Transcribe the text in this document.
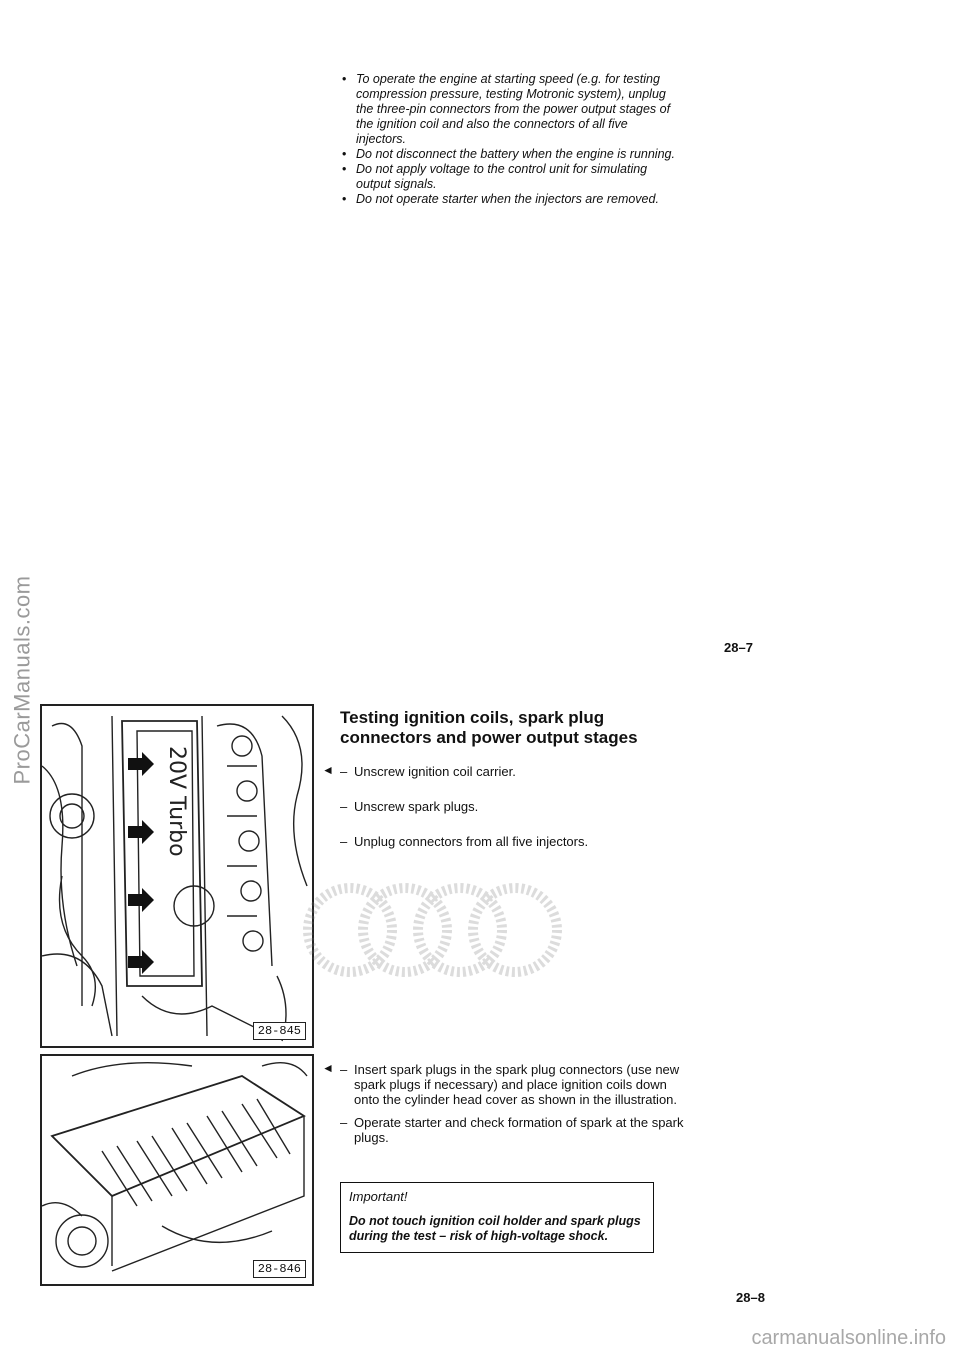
ProCarManuals.com
• To operate the engine at starting speed (e.g. for testing compression pressure, testing Motronic system), unplug the three-pin connectors from the power output stages of the ignition coil and also the connectors of all five injectors.
• Do not disconnect the battery when the engine is running.
• Do not apply voltage to the control unit for simulating output signals.
• Do not operate starter when the injectors are removed.
28–7
20V Turbo
28-845
28-846
Testing ignition coils, spark plug connectors and power output stages
◄ – Unscrew ignition coil carrier.
– Unscrew spark plugs.
– Unplug connectors from all five injectors.
◄ – Insert spark plugs in the spark plug connectors (use new spark plugs if necessary) and place ignition coils down onto the cylinder head cover as shown in the illustration.
– Operate starter and check formation of spark at the spark plugs.
Important!
Do not touch ignition coil holder and spark plugs during the test – risk of high-voltage shock.
28–8
carmanualsonline.info
